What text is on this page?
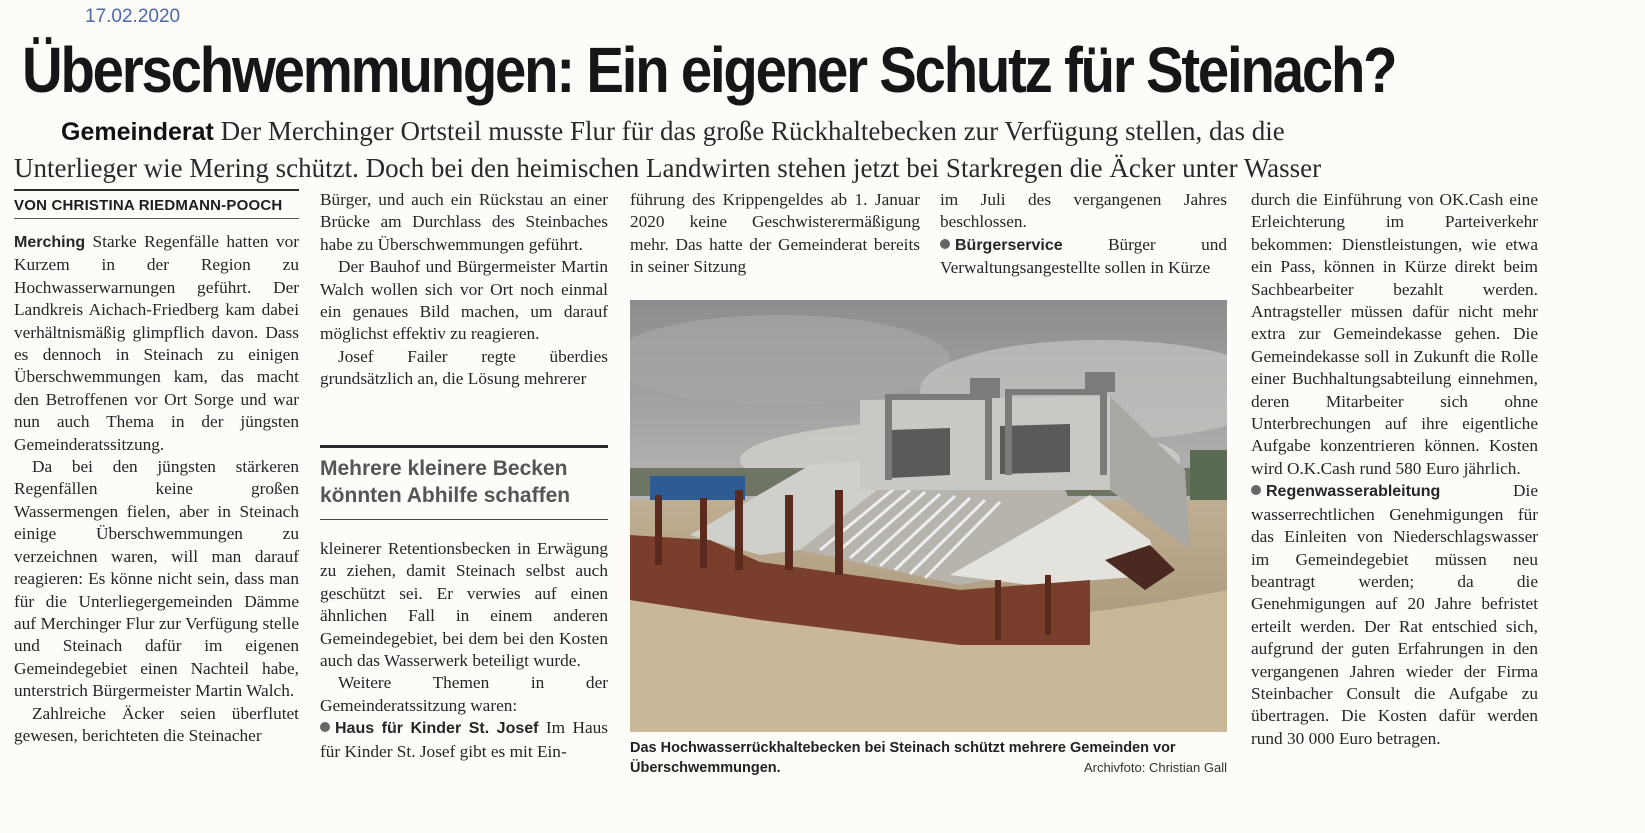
17.02.2020
Überschwemmungen: Ein eigener Schutz für Steinach?
Gemeinderat Der Merchinger Ortsteil musste Flur für das große Rückhaltebecken zur Verfügung stellen, das die
Unterlieger wie Mering schützt. Doch bei den heimischen Landwirten stehen jetzt bei Starkregen die Äcker unter Wasser
VON CHRISTINA RIEDMANN-POOCH

Merching Starke Regenfälle hatten vor Kurzem in der Region zu Hochwasserwarnungen geführt. Der Landkreis Aichach-Friedberg kam dabei verhältnismäßig glimpflich davon. Dass es dennoch in Steinach zu einigen Überschwemmungen kam, das macht den Betroffenen vor Ort Sorge und war nun auch Thema in der jüngsten Gemeinderatssitzung.

Da bei den jüngsten stärkeren Regenfällen keine großen Wassermengen fielen, aber in Steinach einige Überschwemmungen zu verzeichnen waren, will man darauf reagieren: Es könne nicht sein, dass man für die Unterliegergemeinden Dämme auf Merchinger Flur zur Verfügung stelle und Steinach dafür im eigenen Gemeindegebiet einen Nachteil habe, unterstrich Bürgermeister Martin Walch.

Zahlreiche Äcker seien überflutet gewesen, berichteten die Steinacher

Bürger, und auch ein Rückstau an einer Brücke am Durchlass des Steinbaches habe zu Überschwemmungen geführt.

Der Bauhof und Bürgermeister Martin Walch wollen sich vor Ort noch einmal ein genaues Bild machen, um darauf möglichst effektiv zu reagieren.

Josef Failer regte überdies grundsätzlich an, die Lösung mehrerer

Mehrere kleinere Becken könnten Abhilfe schaffen

kleinerer Retentionsbecken in Erwägung zu ziehen, damit Steinach selbst auch geschützt sei. Er verwies auf einen ähnlichen Fall in einem anderen Gemeindegebiet, bei dem bei den Kosten auch das Wasserwerk beteiligt wurde.

Weitere Themen in der Gemeinderatssitzung waren:

Haus für Kinder St. Josef Im Haus für Kinder St. Josef gibt es mit Ein-

führung des Krippengeldes ab 1. Januar 2020 keine Geschwisterermäßigung mehr. Das hatte der Gemeinderat bereits in seiner Sitzung

im Juli des vergangenen Jahres beschlossen.

Bürgerservice	Bürger und Verwaltungsangestellte sollen in Kürze

durch die Einführung von OK.Cash eine Erleichterung im Parteiverkehr bekommen: Dienstleistungen, wie etwa ein Pass, können in Kürze direkt beim Sachbearbeiter bezahlt werden. Antragsteller müssen dafür nicht mehr extra zur Gemeindekasse gehen. Die Gemeindekasse soll in Zukunft die Rolle einer Buchhaltungsabteilung einnehmen, deren Mitarbeiter sich ohne Unterbrechungen auf ihre eigentliche Aufgabe konzentrieren können. Kosten wird O.K.Cash rund 580 Euro jährlich.

Regenwasserableitung	Die wasserrechtlichen Genehmigungen für das Einleiten von Niederschlagswasser im Gemeindegebiet müssen neu beantragt werden; da die Genehmigungen auf 20 Jahre befristet erteilt werden. Der Rat entschied sich, aufgrund der guten Erfahrungen in den vergangenen Jahren wieder der Firma Steinbacher Consult die Aufgabe zu übertragen. Die Kosten dafür werden rund 30 000 Euro betragen.

Das Hochwasserrückhaltebecken bei Steinach schützt mehrere Gemeinden vor Überschwemmungen.	Archivfoto: Christian Gall
